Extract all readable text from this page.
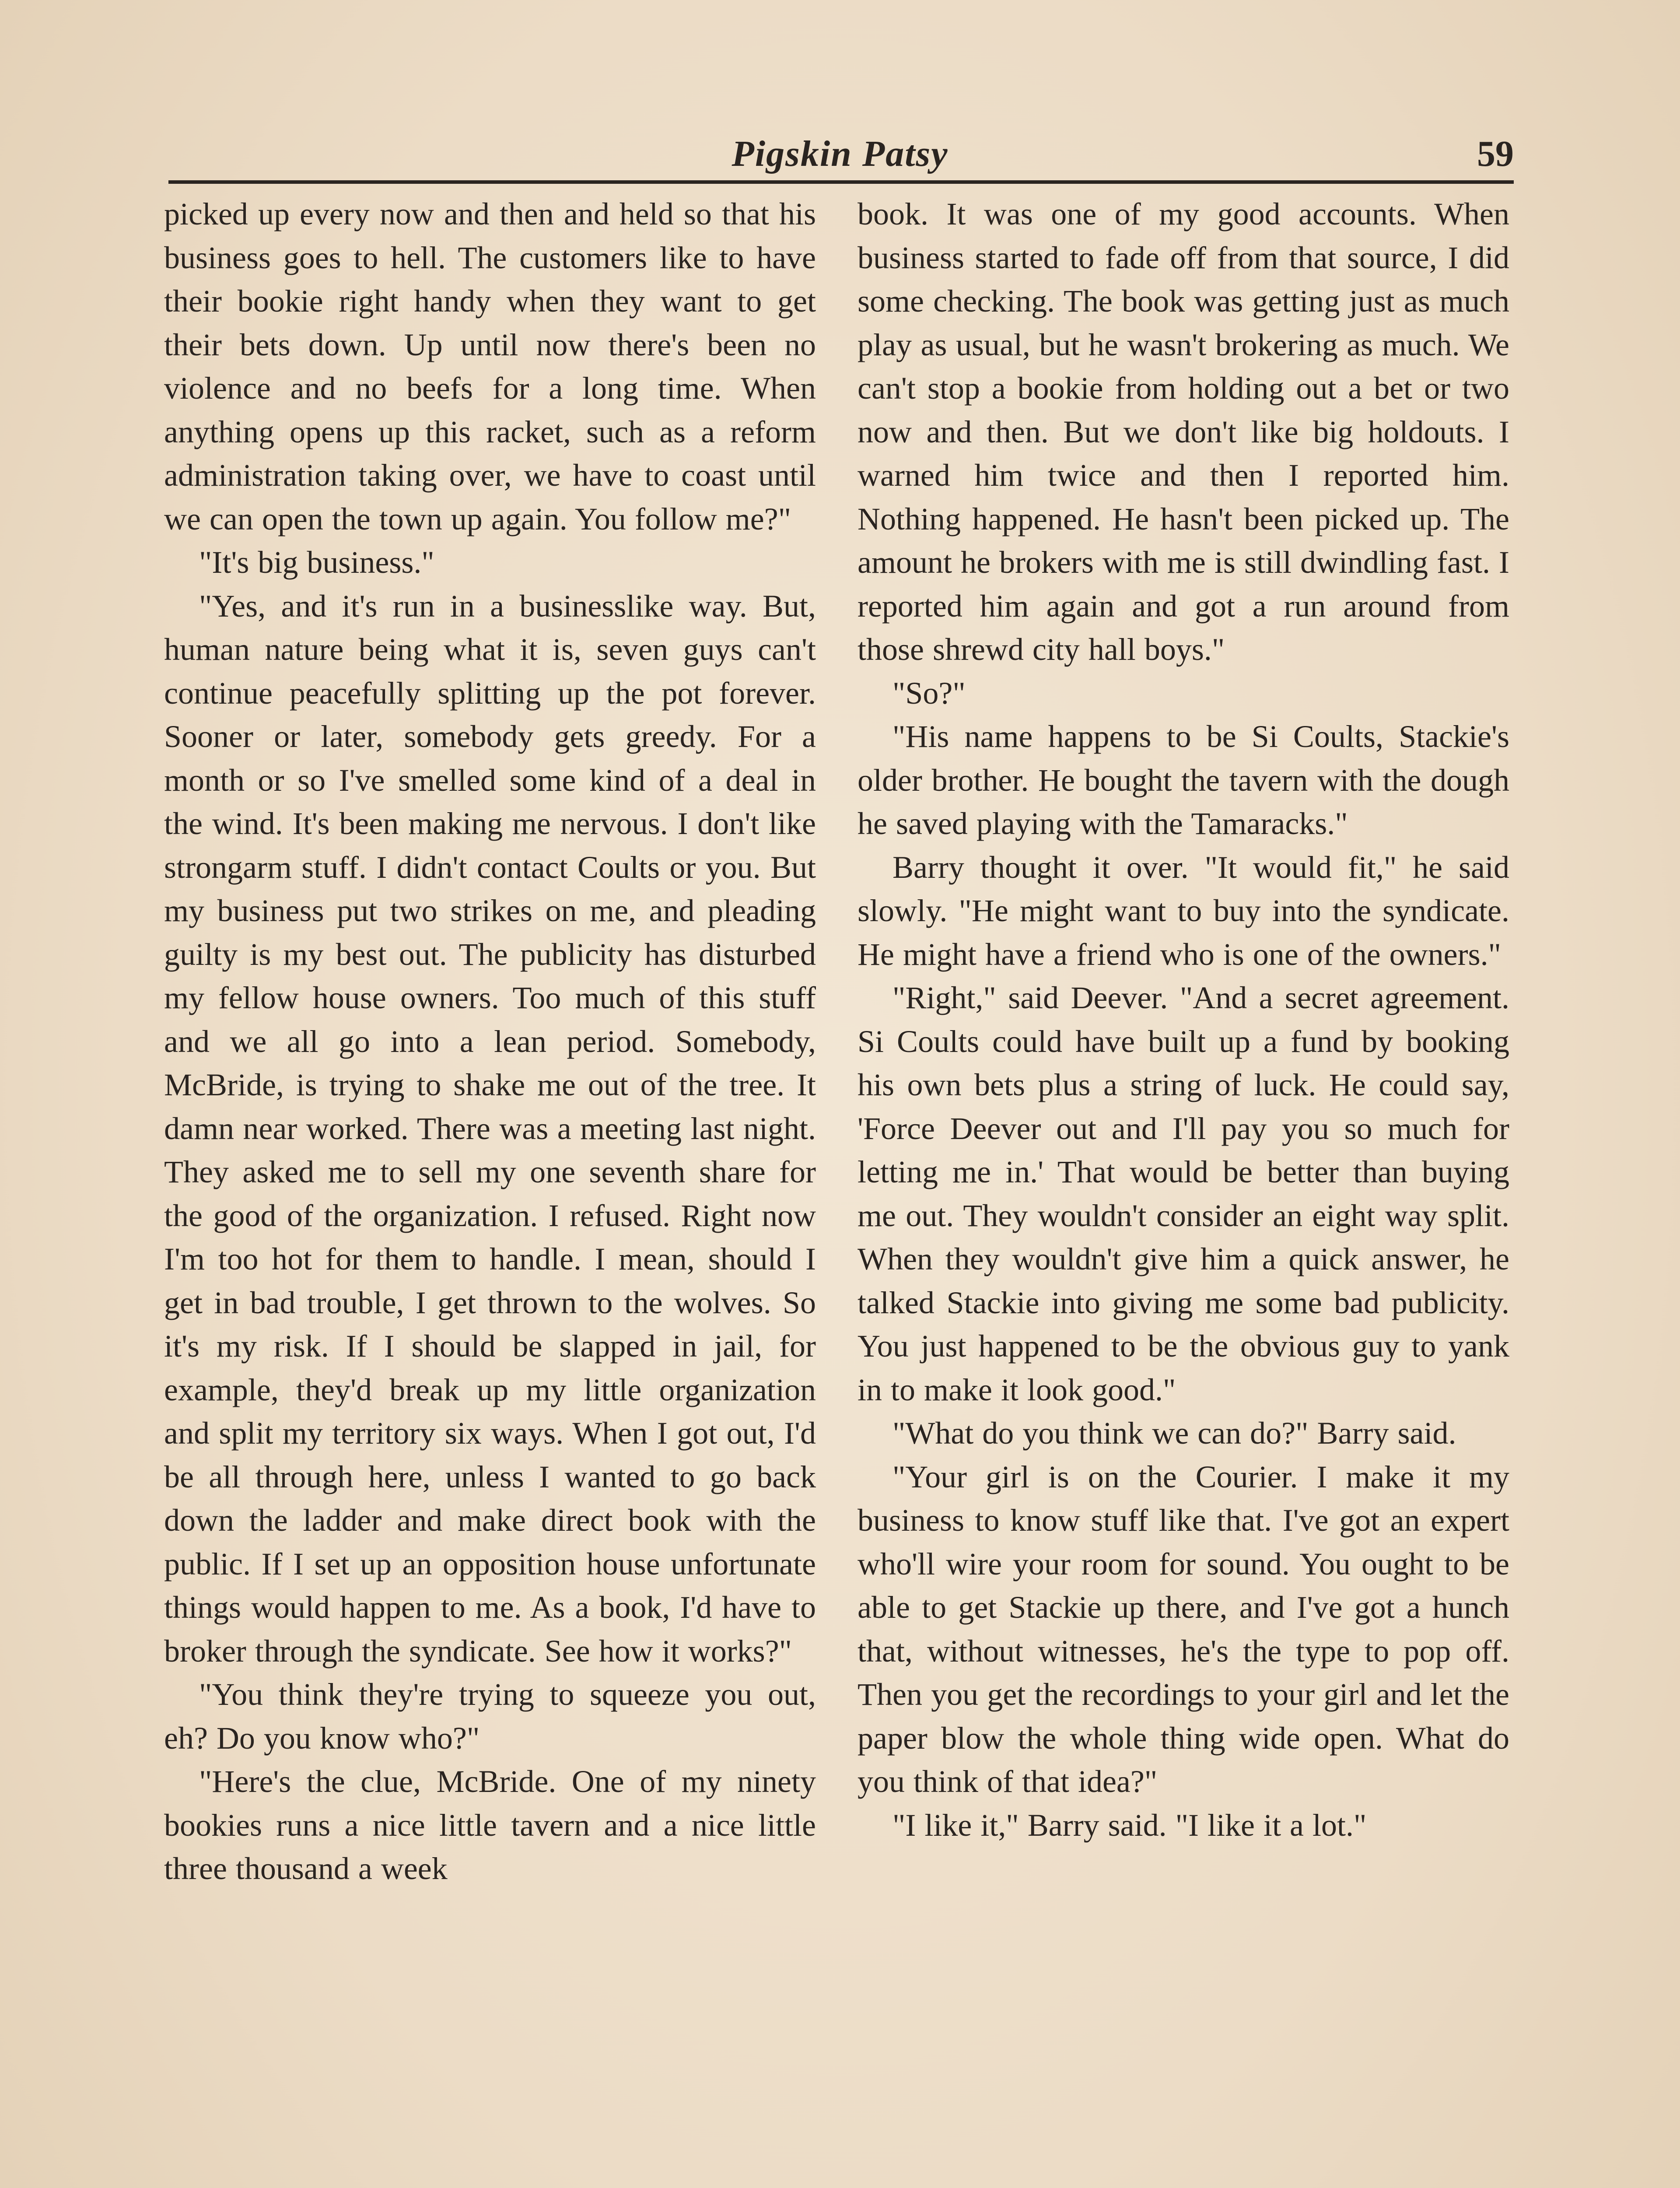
Pigskin Patsy	59

picked up every now and then and held so that his business goes to hell. The customers like to have their bookie right handy when they want to get their bets down. Up until now there's been no violence and no beefs for a long time. When anything opens up this racket, such as a reform administration taking over, we have to coast until we can open the town up again. You follow me?"

"It's big business."

"Yes, and it's run in a businesslike way. But, human nature being what it is, seven guys can't continue peacefully splitting up the pot forever. Sooner or later, somebody gets greedy. For a month or so I've smelled some kind of a deal in the wind. It's been making me nervous. I don't like strongarm stuff. I didn't contact Coults or you. But my business put two strikes on me, and pleading guilty is my best out. The publicity has disturbed my fellow house owners. Too much of this stuff and we all go into a lean period. Somebody, McBride, is trying to shake me out of the tree. It damn near worked. There was a meeting last night. They asked me to sell my one seventh share for the good of the organization. I refused. Right now I'm too hot for them to handle. I mean, should I get in bad trouble, I get thrown to the wolves. So it's my risk. If I should be slapped in jail, for example, they'd break up my little organization and split my territory six ways. When I got out, I'd be all through here, unless I wanted to go back down the ladder and make direct book with the public. If I set up an opposition house unfortunate things would happen to me. As a book, I'd have to broker through the syndicate. See how it works?"

"You think they're trying to squeeze you out, eh? Do you know who?"

"Here's the clue, McBride. One of my ninety bookies runs a nice little tavern and a nice little three thousand a week

book. It was one of my good accounts. When business started to fade off from that source, I did some checking. The book was getting just as much play as usual, but he wasn't brokering as much. We can't stop a bookie from holding out a bet or two now and then. But we don't like big holdouts. I warned him twice and then I reported him. Nothing happened. He hasn't been picked up. The amount he brokers with me is still dwindling fast. I reported him again and got a run around from those shrewd city hall boys."

"So?"

"His name happens to be Si Coults, Stackie's older brother. He bought the tavern with the dough he saved playing with the Tamaracks."

Barry thought it over. "It would fit," he said slowly. "He might want to buy into the syndicate. He might have a friend who is one of the owners."

"Right," said Deever. "And a secret agreement. Si Coults could have built up a fund by booking his own bets plus a string of luck. He could say, 'Force Deever out and I'll pay you so much for letting me in.' That would be better than buying me out. They wouldn't consider an eight way split. When they wouldn't give him a quick answer, he talked Stackie into giving me some bad publicity. You just happened to be the obvious guy to yank in to make it look good."

"What do you think we can do?" Barry said.

"Your girl is on the Courier. I make it my business to know stuff like that. I've got an expert who'll wire your room for sound. You ought to be able to get Stackie up there, and I've got a hunch that, without witnesses, he's the type to pop off. Then you get the recordings to your girl and let the paper blow the whole thing wide open. What do you think of that idea?"

"I like it," Barry said. "I like it a lot."
